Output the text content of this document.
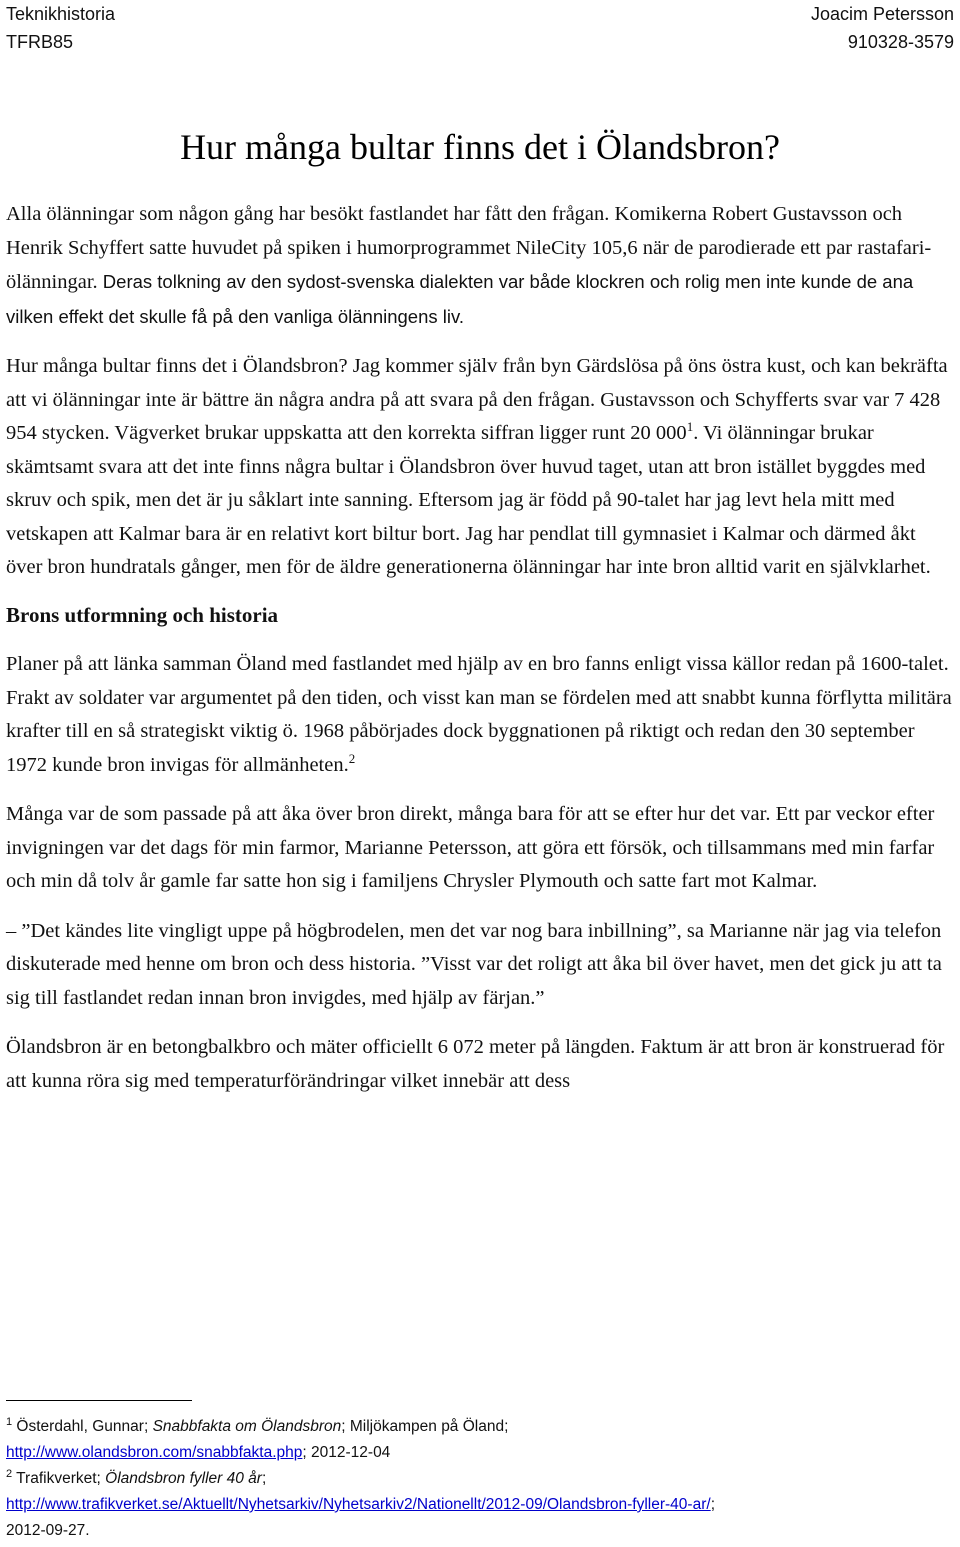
Teknikhistoria
TFRB85
Joacim Petersson
910328-3579
Hur många bultar finns det i Ölandsbron?

Alla ölänningar som någon gång har besökt fastlandet har fått den frågan. Komikerna Robert Gustavsson och Henrik Schyffert satte huvudet på spiken i humorprogrammet NileCity 105,6 när de parodierade ett par rastafari-ölänningar. Deras tolkning av den sydost-svenska dialekten var både klockren och rolig men inte kunde de ana vilken effekt det skulle få på den vanliga ölänningens liv.

Hur många bultar finns det i Ölandsbron? Jag kommer själv från byn Gärdslösa på öns östra kust, och kan bekräfta att vi ölänningar inte är bättre än några andra på att svara på den frågan. Gustavsson och Schyfferts svar var 7 428 954 stycken. Vägverket brukar uppskatta att den korrekta siffran ligger runt 20 $000^1$. Vi ölänningar brukar skämtsamt svara att det inte finns några bultar i Ölandsbron över huvud taget, utan att bron istället byggdes med skruv och spik, men det är ju såklart inte sanning. Eftersom jag är född på 90-talet har jag levt hela mitt med vetskapen att Kalmar bara är en relativt kort biltur bort. Jag har pendlat till gymnasiet i Kalmar och därmed åkt över bron hundratals gånger, men för de äldre generationerna ölänningar har inte bron alltid varit en självklarhet.

Brons utformning och historia

Planer på att länka samman Öland med fastlandet med hjälp av en bro fanns enligt vissa källor redan på 1600-talet. Frakt av soldater var argumentet på den tiden, och visst kan man se fördelen med att snabbt kunna förflytta militära krafter till en så strategiskt viktig ö. 1968 påbörjades dock byggnationen på riktigt och redan den 30 september 1972 kunde bron invigas för allmänheten.$^2$

Många var de som passade på att åka över bron direkt, många bara för att se efter hur det var. Ett par veckor efter invigningen var det dags för min farmor, Marianne Petersson, att göra ett försök, och tillsammans med min farfar och min då tolv år gamle far satte hon sig i familjens Chrysler Plymouth och satte fart mot Kalmar.

– ”Det kändes lite vingligt uppe på högbrodelen, men det var nog bara inbillning”, sa Marianne när jag via telefon diskuterade med henne om bron och dess historia. ”Visst var det roligt att åka bil över havet, men det gick ju att ta sig till fastlandet redan innan bron invigdes, med hjälp av färjan.”

Ölandsbron är en betongbalkbro och mäter officiellt 6 072 meter på längden. Faktum är att bron är konstruerad för att kunna röra sig med temperaturförändringar vilket innebär att dess

$^1$ Österdahl, Gunnar; Snabbfakta om Ölandsbron; Miljökampen på Öland;

http://www.olandsbron.com/snabbfakta.php; 2012-12-04

$^2$ Trafikverket; Ölandsbron fyller 40 år;

http://www.trafikverket.se/Aktuellt/Nyhetsarkiv/Nyhetsarkiv2/Nationellt/2012-09/Olandsbron-fyller-40-ar/;

2012-09-27.
